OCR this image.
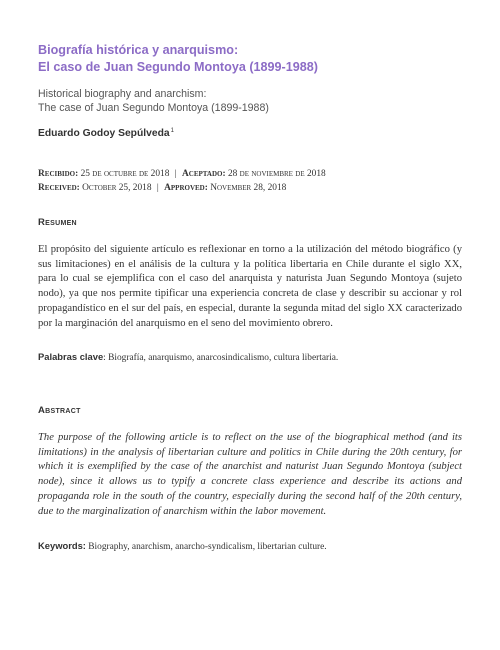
Biografía histórica y anarquismo:
El caso de Juan Segundo Montoya (1899-1988)
Historical biography and anarchism:
The case of Juan Segundo Montoya (1899-1988)
Eduardo Godoy Sepúlveda$^1$
Recibido: 25 de octubre de 2018 | Aceptado: 28 de noviembre de 2018
Received: October 25, 2018 | Approved: November 28, 2018
Resumen
El propósito del siguiente artículo es reflexionar en torno a la utilización del método biográfico (y sus limitaciones) en el análisis de la cultura y la política libertaria en Chile durante el siglo XX, para lo cual se ejemplifica con el caso del anarquista y naturista Juan Segundo Montoya (sujeto nodo), ya que nos permite tipificar una experiencia concreta de clase y describir su accionar y rol propagandístico en el sur del país, en especial, durante la segunda mitad del siglo XX caracterizado por la marginación del anarquismo en el seno del movimiento obrero.
Palabras clave: Biografía, anarquismo, anarcosindicalismo, cultura libertaria.
Abstract
The purpose of the following article is to reflect on the use of the biographical method (and its limitations) in the analysis of libertarian culture and politics in Chile during the 20th century, for which it is exemplified by the case of the anarchist and naturist Juan Segundo Montoya (subject node), since it allows us to typify a concrete class experience and describe its actions and propaganda role in the south of the country, especially during the second half of the 20th century, due to the marginalization of anarchism within the labor movement.
Keywords: Biography, anarchism, anarcho-syndicalism, libertarian culture.
